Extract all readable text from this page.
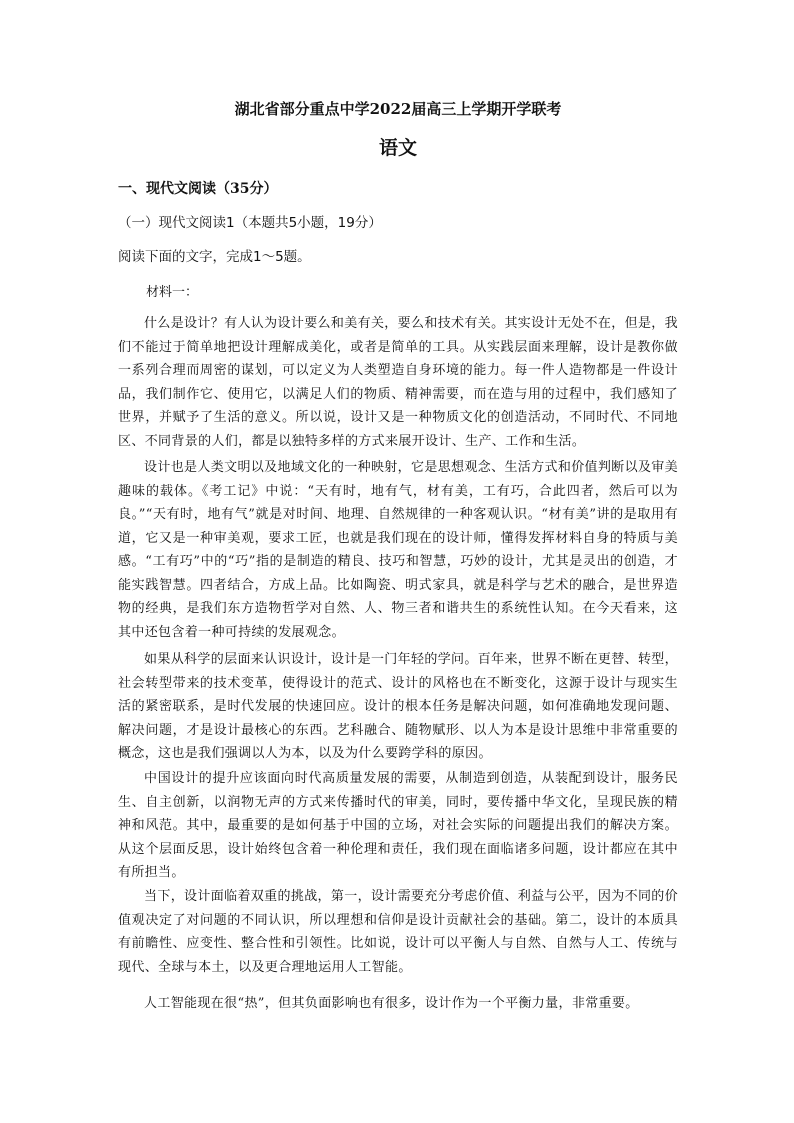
湖北省部分重点中学2022届高三上学期开学联考
语文
一、现代文阅读（35分）

（一）现代文阅读1（本题共5小题，19分）

阅读下面的文字，完成1～5题。

材料一：

什么是设计？有人认为设计要么和美有关，要么和技术有关。其实设计无处不在，但是，我们不能过于简单地把设计理解成美化，或者是简单的工具。从实践层面来理解，设计是教你做一系列合理而周密的谋划，可以定义为人类塑造自身环境的能力。每一件人造物都是一件设计品，我们制作它、使用它，以满足人们的物质、精神需要，而在造与用的过程中，我们感知了世界，并赋予了生活的意义。所以说，设计又是一种物质文化的创造活动，不同时代、不同地区、不同背景的人们，都是以独特多样的方式来展开设计、生产、工作和生活。

设计也是人类文明以及地域文化的一种映射，它是思想观念、生活方式和价值判断以及审美趣味的载体。《考工记》中说：“天有时，地有气，材有美，工有巧，合此四者，然后可以为良。”“天有时，地有气”就是对时间、地理、自然规律的一种客观认识。“材有美”讲的是取用有道，它又是一种审美观，要求工匠，也就是我们现在的设计师，懂得发挥材料自身的特质与美感。“工有巧”中的“巧”指的是制造的精良、技巧和智慧，巧妙的设计，尤其是灵出的创造，才能实践智慧。四者结合，方成上品。比如陶瓷、明式家具，就是科学与艺术的融合，是世界造物的经典，是我们东方造物哲学对自然、人、物三者和谐共生的系统性认知。在今天看来，这其中还包含着一种可持续的发展观念。

如果从科学的层面来认识设计，设计是一门年轻的学问。百年来，世界不断在更替、转型，社会转型带来的技术变革，使得设计的范式、设计的风格也在不断变化，这源于设计与现实生活的紧密联系，是时代发展的快速回应。设计的根本任务是解决问题，如何准确地发现问题、解决问题，才是设计最核心的东西。艺科融合、随物赋形、以人为本是设计思维中非常重要的概念，这也是我们强调以人为本，以及为什么要跨学科的原因。

中国设计的提升应该面向时代高质量发展的需要，从制造到创造，从装配到设计，服务民生、自主创新，以润物无声的方式来传播时代的审美，同时，要传播中华文化，呈现民族的精神和风范。其中，最重要的是如何基于中国的立场，对社会实际的问题提出我们的解决方案。从这个层面反思，设计始终包含着一种伦理和责任，我们现在面临诸多问题，设计都应在其中有所担当。

当下，设计面临着双重的挑战，第一，设计需要充分考虑价值、利益与公平，因为不同的价值观决定了对问题的不同认识，所以理想和信仰是设计贡献社会的基础。第二，设计的本质具有前瞻性、应变性、整合性和引领性。比如说，设计可以平衡人与自然、自然与人工、传统与现代、全球与本土，以及更合理地运用人工智能。

人工智能现在很“热”，但其负面影响也有很多，设计作为一个平衡力量，非常重要。
